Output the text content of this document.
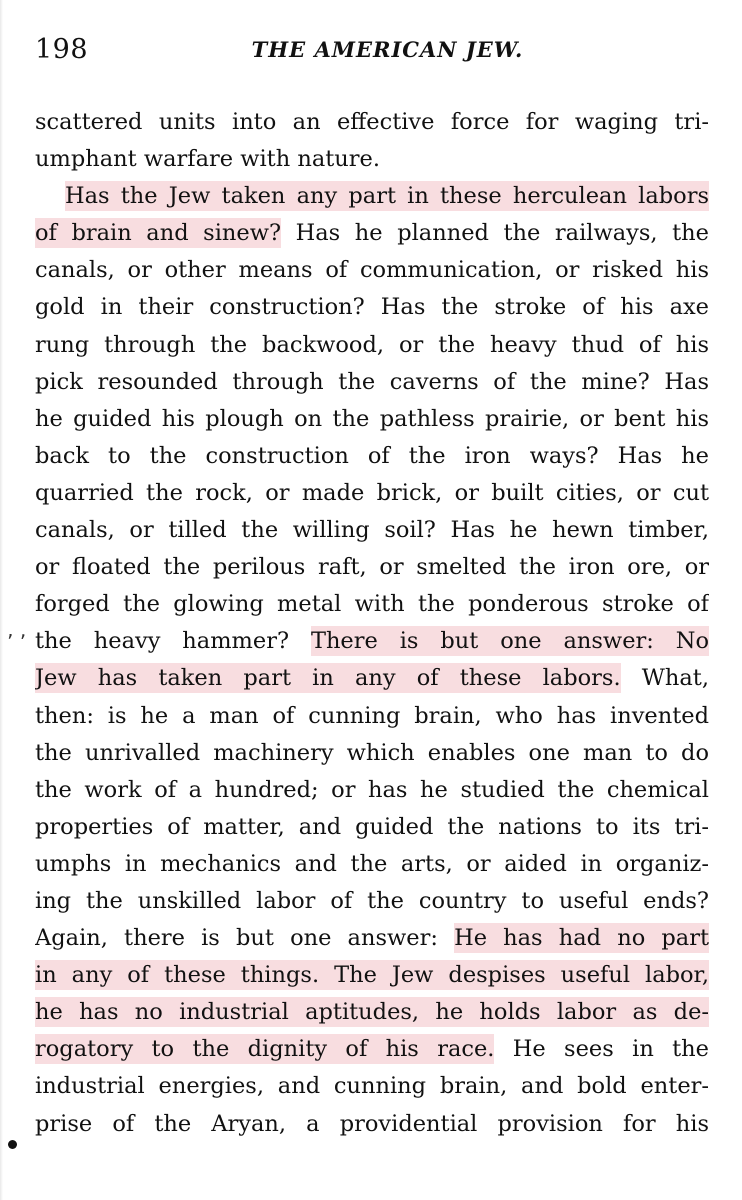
198	THE AMERICAN JEW.
scattered units into an effective force for waging tri-
umphant warfare with nature.
Has the Jew taken any part in these herculean labors
of brain and sinew? Has he planned the railways, the
canals, or other means of communication, or risked his
gold in their construction? Has the stroke of his axe
rung through the backwood, or the heavy thud of his
pick resounded through the caverns of the mine? Has
he guided his plough on the pathless prairie, or bent his
back to the construction of the iron ways? Has he
quarried the rock, or made brick, or built cities, or cut
canals, or tilled the willing soil? Has he hewn timber,
or floated the perilous raft, or smelted the iron ore, or
forged the glowing metal with the ponderous stroke of
the heavy hammer? There is but one answer: No
Jew has taken part in any of these labors. What,
then: is he a man of cunning brain, who has invented
the unrivalled machinery which enables one man to do
the work of a hundred; or has he studied the chemical
properties of matter, and guided the nations to its tri-
umphs in mechanics and the arts, or aided in organiz-
ing the unskilled labor of the country to useful ends?
Again, there is but one answer: He has had no part
in any of these things. The Jew despises useful labor,
he has no industrial aptitudes, he holds labor as de-
rogatory to the dignity of his race. He sees in the
industrial energies, and cunning brain, and bold enter-
prise of the Aryan, a providential provision for his
’ ʼ
